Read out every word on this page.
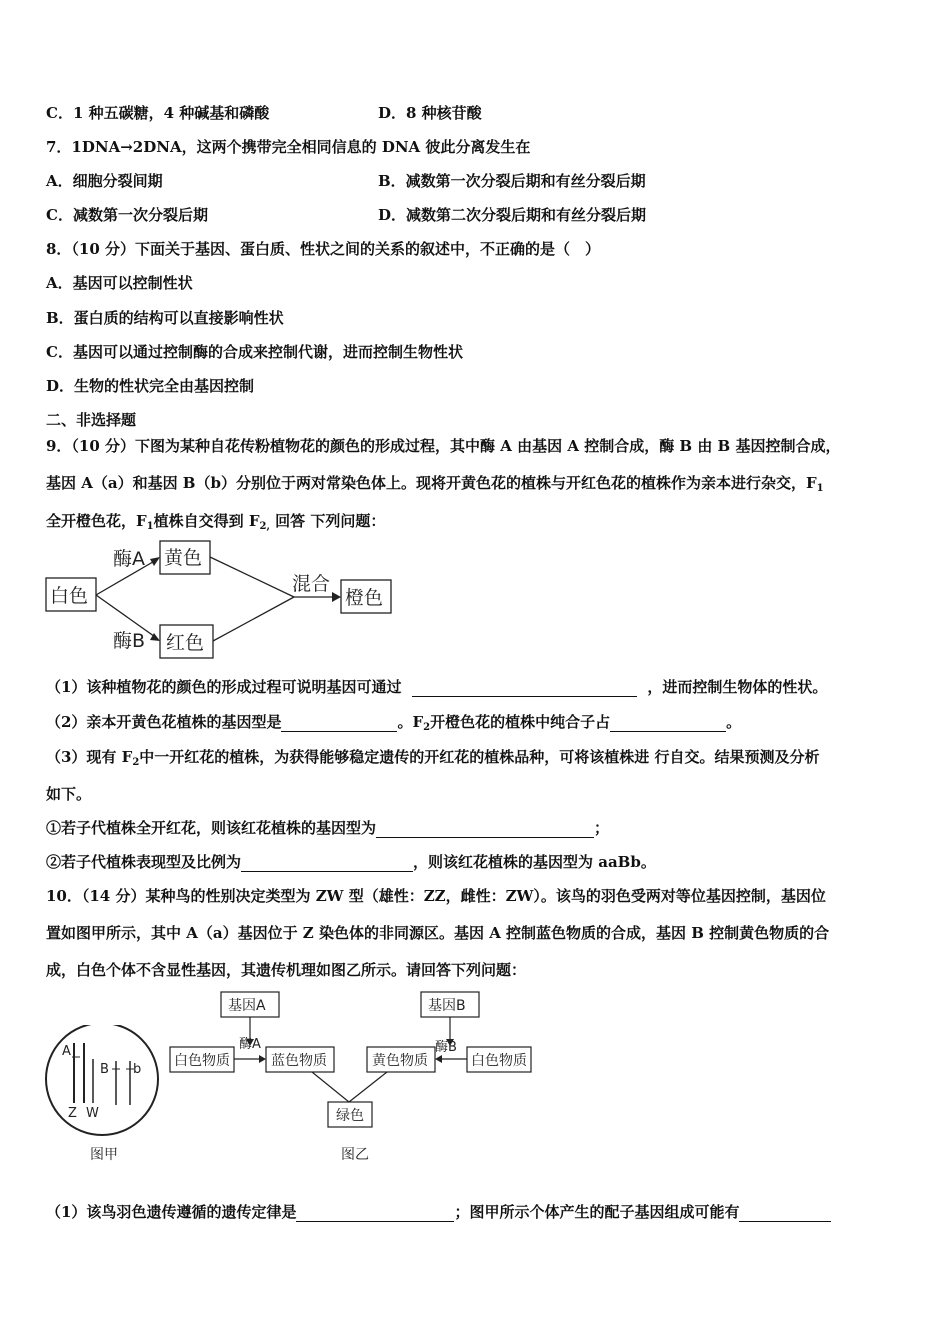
C．1 种五碳糖，4 种碱基和磷酸	D．8 种核苷酸
7．1DNA→2DNA，这两个携带完全相同信息的 DNA 彼此分离发生在
A．细胞分裂间期	B．减数第一次分裂后期和有丝分裂后期
C．减数第一次分裂后期	D．减数第二次分裂后期和有丝分裂后期
8．（10 分）下面关于基因、蛋白质、性状之间的关系的叙述中，不正确的是（　）
A．基因可以控制性状
B．蛋白质的结构可以直接影响性状
C．基因可以通过控制酶的合成来控制代谢，进而控制生物性状
D．生物的性状完全由基因控制
二、非选择题
9．（10 分）下图为某种自花传粉植物花的颜色的形成过程，其中酶 A 由基因 A 控制合成，酶 B 由 B 基因控制合成，
基因 A（a）和基因 B（b）分别位于两对常染色体上。现将开黄色花的植株与开红色花的植株作为亲本进行杂交，$F_1$
全开橙色花，$F_1$植株自交得到 $F_{2,}$ 回答 下列问题：
白色
酶A 黄色
酶B 红色
混合
橙色
（1）该种植物花的颜色的形成过程可说明基因可通过	，进而控制生物体的性状。
（2）亲本开黄色花植株的基因型是	。$F_2$开橙色花的植株中纯合子占	。
（3）现有 $F_2$中一开红花的植株，为获得能够稳定遗传的开红花的植株品种，可将该植株进 行自交。结果预测及分析
如下。
①若子代植株全开红花，则该红花植株的基因型为	；
②若子代植株表现型及比例为	，则该红花植株的基因型为 aaBb。
10．（14 分）某种鸟的性别决定类型为 ZW 型（雄性：ZZ，雌性：ZW）。该鸟的羽色受两对等位基因控制，基因位
置如图甲所示，其中 A（a）基因位于 Z 染色体的非同源区。基因 A 控制蓝色物质的合成，基因 B 控制黄色物质的合
成，白色个体不含显性基因，其遗传机理如图乙所示。请回答下列问题：
A
B b
Z W
图甲
基因A	基因B
白色物质
酶A
蓝色物质	黄色物质
酶B
白色物质
绿色
图乙
（1）该鸟羽色遗传遵循的遗传定律是	；图甲所示个体产生的配子基因组成可能有
